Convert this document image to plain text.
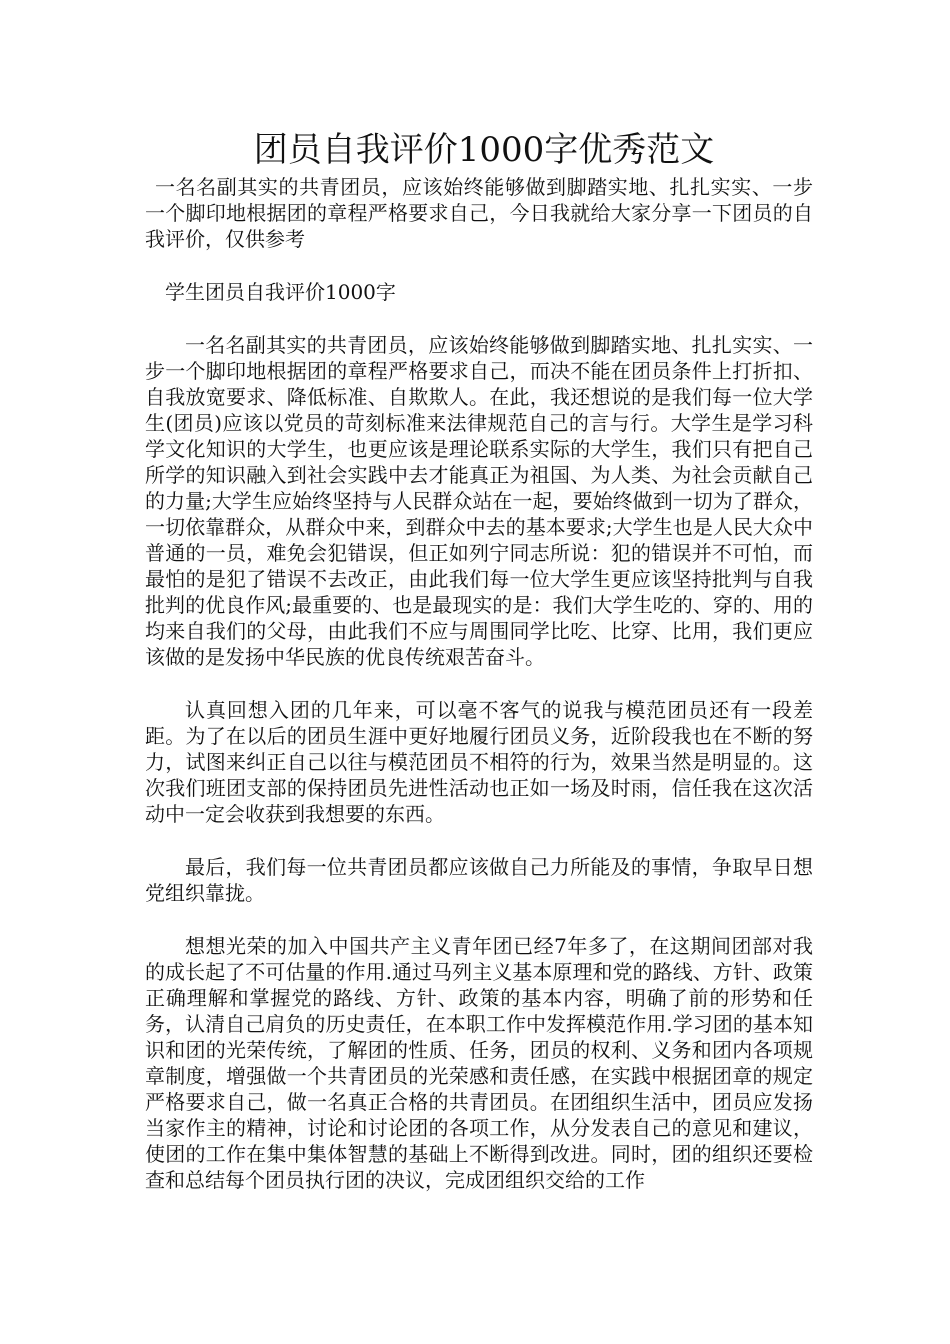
团员自我评价1000字优秀范文

一名名副其实的共青团员，应该始终能够做到脚踏实地、扎扎实实、一步一个脚印地根据团的章程严格要求自己，今日我就给大家分享一下团员的自我评价，仅供参考

学生团员自我评价1000字

一名名副其实的共青团员，应该始终能够做到脚踏实地、扎扎实实、一步一个脚印地根据团的章程严格要求自己，而决不能在团员条件上打折扣、自我放宽要求、降低标准、自欺欺人。在此，我还想说的是我们每一位大学生(团员)应该以党员的苛刻标准来法律规范自己的言与行。大学生是学习科学文化知识的大学生，也更应该是理论联系实际的大学生，我们只有把自己所学的知识融入到社会实践中去才能真正为祖国、为人类、为社会贡献自己的力量;大学生应始终坚持与人民群众站在一起，要始终做到一切为了群众，一切依靠群众，从群众中来，到群众中去的基本要求;大学生也是人民大众中普通的一员，难免会犯错误，但正如列宁同志所说：犯的错误并不可怕，而最怕的是犯了错误不去改正，由此我们每一位大学生更应该坚持批判与自我批判的优良作风;最重要的、也是最现实的是：我们大学生吃的、穿的、用的均来自我们的父母，由此我们不应与周围同学比吃、比穿、比用，我们更应该做的是发扬中华民族的优良传统艰苦奋斗。

认真回想入团的几年来，可以毫不客气的说我与模范团员还有一段差距。为了在以后的团员生涯中更好地履行团员义务，近阶段我也在不断的努力，试图来纠正自己以往与模范团员不相符的行为，效果当然是明显的。这次我们班团支部的保持团员先进性活动也正如一场及时雨，信任我在这次活动中一定会收获到我想要的东西。

最后，我们每一位共青团员都应该做自己力所能及的事情，争取早日想党组织靠拢。

想想光荣的加入中国共产主义青年团已经7年多了，在这期间团部对我的成长起了不可估量的作用.通过马列主义基本原理和党的路线、方针、政策正确理解和掌握党的路线、方针、政策的基本内容，明确了前的形势和任务，认清自己肩负的历史责任，在本职工作中发挥模范作用.学习团的基本知识和团的光荣传统，了解团的性质、任务，团员的权利、义务和团内各项规章制度，增强做一个共青团员的光荣感和责任感，在实践中根据团章的规定严格要求自己，做一名真正合格的共青团员。在团组织生活中，团员应发扬当家作主的精神，讨论和讨论团的各项工作，从分发表自己的意见和建议，使团的工作在集中集体智慧的基础上不断得到改进。同时，团的组织还要检查和总结每个团员执行团的决议，完成团组织交给的工作
